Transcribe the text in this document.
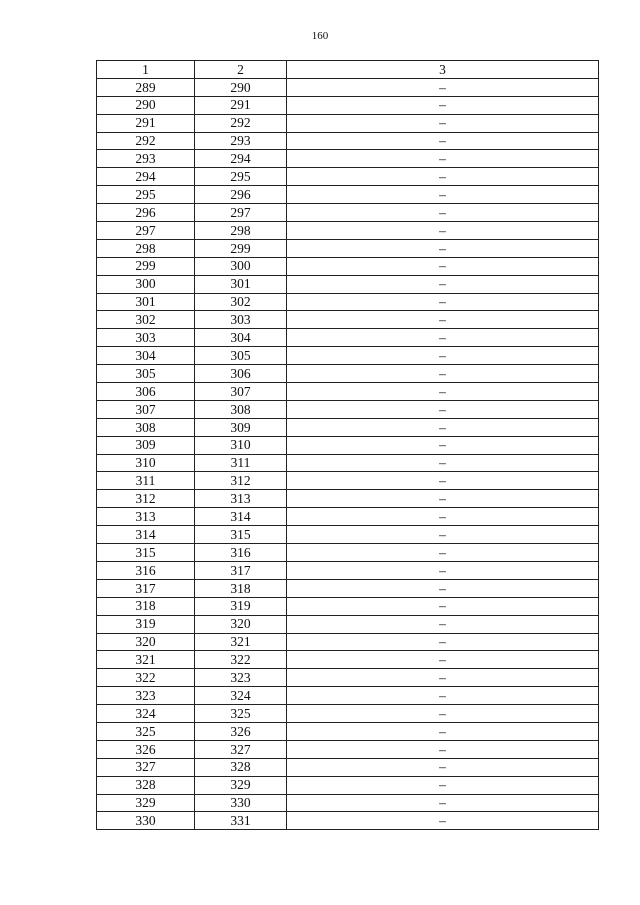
160
1	2	3
289	290	–
290	291	–
291	292	–
292	293	–
293	294	–
294	295	–
295	296	–
296	297	–
297	298	–
298	299	–
299	300	–
300	301	–
301	302	–
302	303	–
303	304	–
304	305	–
305	306	–
306	307	–
307	308	–
308	309	–
309	310	–
310	311	–
311	312	–
312	313	–
313	314	–
314	315	–
315	316	–
316	317	–
317	318	–
318	319	–
319	320	–
320	321	–
321	322	–
322	323	–
323	324	–
324	325	–
325	326	–
326	327	–
327	328	–
328	329	–
329	330	–
330	331	–
